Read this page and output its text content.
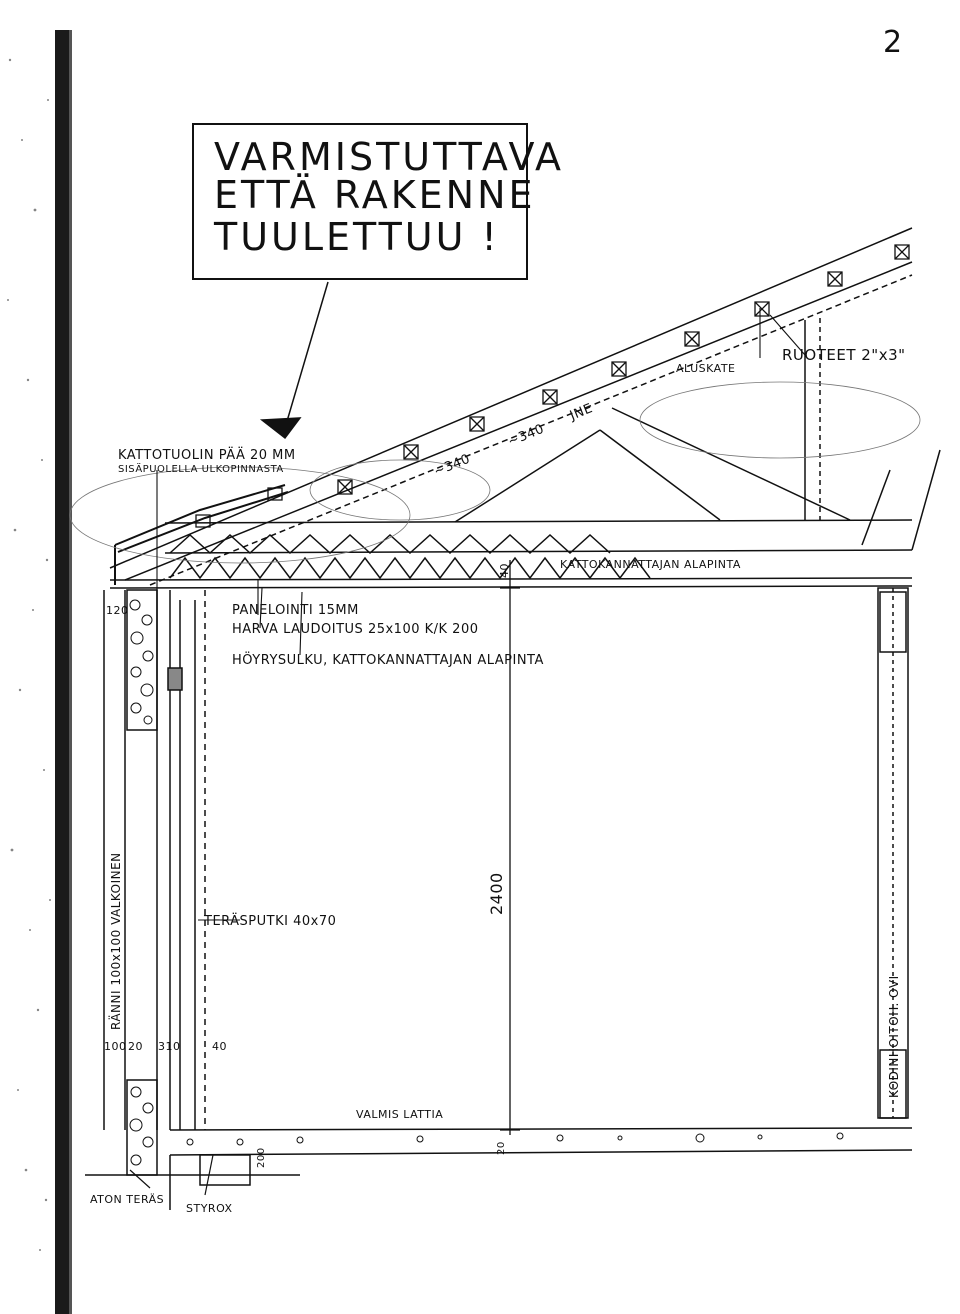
2
VARMISTUTTAVA
ETTÄ RAKENNE
TUULETTUU !
KATTOTUOLIN PÄÄ 20 MM
SISÄPUOLELLA ULKOPINNASTA
ALUSKATE
RUOTEET 2"x3"
JNE
~340
~340
KATTOKANNATTAJAN ALAPINTA
PANELOINTI 15MM
HARVA LAUDOITUS 25x100 K/K 200
HÖYRYSULKU, KATTOKANNATTAJAN ALAPINTA
120
40
2400
TERÄSPUTKI 40x70
RÄNNI 100x100 VALKOINEN
100 20 310	40	KODINHOITOH. OVI
VALMIS LATTIA
200	20
ATON TERÄS
STYROX
